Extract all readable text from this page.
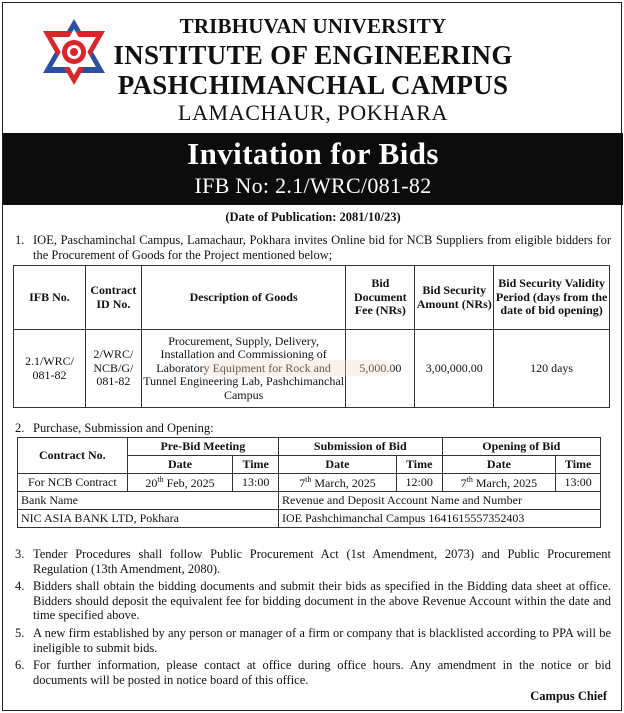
TRIBHUVAN UNIVERSITY
INSTITUTE OF ENGINEERING
PASHCHIMANCHAL CAMPUS
LAMACHAUR, POKHARA
Invitation for Bids
IFB No: 2.1/WRC/081-82
(Date of Publication: 2081/10/23)
1. IOE, Paschaminchal Campus, Lamachaur, Pokhara invites Online bid for NCB Suppliers from eligible bidders for the Procurement of Goods for the Project mentioned below;
IFB No.	Contract ID No.	Description of Goods	Bid Document Fee (NRs)	Bid Security Amount (NRs)	Bid Security Validity Period (days from the date of bid opening)
2.1/WRC/ 081-82	2/WRC/ NCB/G/ 081-82	Procurement, Supply, Delivery, Installation and Commissioning of Laboratory Equipment for Rock and Tunnel Engineering Lab, Pashchimanchal Campus	5,000.00	3,00,000.00	120 days
2. Purchase, Submission and Opening:
Contract No.	Pre-Bid Meeting		Submission of Bid		Opening of Bid	
	Date	Time	Date	Time	Date	Time
For NCB Contract	20th Feb, 2025	13:00	7th March, 2025	12:00	7th March, 2025	13:00
Bank Name			Revenue and Deposit Account Name and Number			
NIC ASIA BANK LTD, Pokhara			IOE Pashchimanchal Campus 1641615557352403			
3. Tender Procedures shall follow Public Procurement Act (1st Amendment, 2073) and Public Procurement Regulation (13th Amendment, 2080).
4. Bidders shall obtain the bidding documents and submit their bids as specified in the Bidding data sheet at office. Bidders should deposit the equivalent fee for bidding document in the above Revenue Account within the date and time specified above.
5. A new firm established by any person or manager of a firm or company that is blacklisted according to PPA will be ineligible to submit bids.
6. For further information, please contact at office during office hours. Any amendment in the notice or bid documents will be posted in notice board of this office.
Campus Chief
